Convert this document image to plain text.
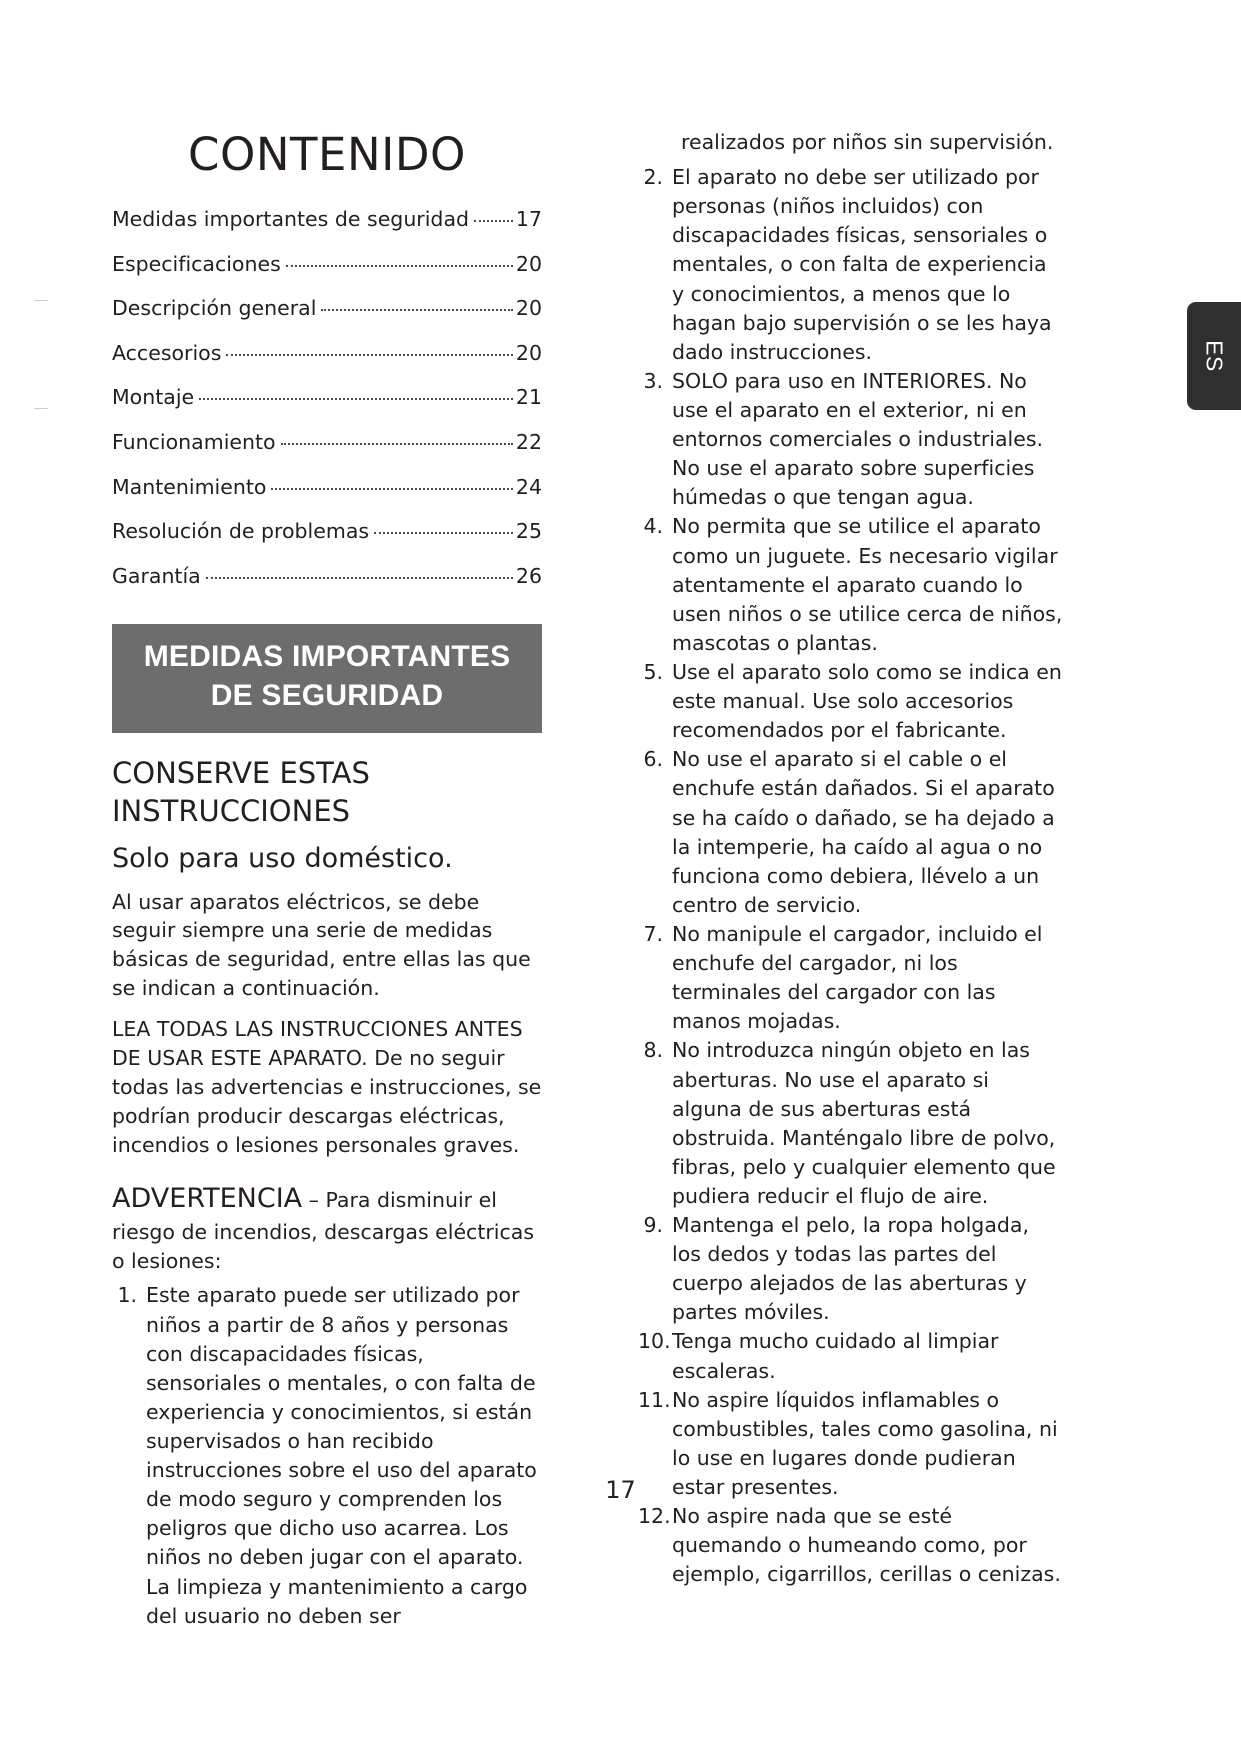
ES
CONTENIDO
Medidas importantes de seguridad 17
Especificaciones	20
Descripción general	20
Accesorios	20
Montaje	21
Funcionamiento	22
Mantenimiento	24
Resolución de problemas	25
Garantía	26
MEDIDAS IMPORTANTES DE SEGURIDAD
CONSERVE ESTAS INSTRUCCIONES
Solo para uso doméstico.

Al usar aparatos eléctricos, se debe seguir siempre una serie de medidas básicas de seguridad, entre ellas las que se indican a continuación.

LEA TODAS LAS INSTRUCCIONES ANTES DE USAR ESTE APARATO. De no seguir todas las advertencias e instrucciones, se podrían producir descargas eléctricas, incendios o lesiones personales graves.

ADVERTENCIA – Para disminuir el riesgo de incendios, descargas eléctricas o lesiones:
1. Este aparato puede ser utilizado por niños a partir de 8 años y personas con discapacidades físicas, sensoriales o mentales, o con falta de experiencia y conocimientos, si están supervisados o han recibido instrucciones sobre el uso del aparato de modo seguro y comprenden los peligros que dicho uso acarrea. Los niños no deben jugar con el aparato. La limpieza y mantenimiento a cargo del usuario no deben ser

realizados por niños sin supervisión.

2. El aparato no debe ser utilizado por personas (niños incluidos) con discapacidades físicas, sensoriales o mentales, o con falta de experiencia y conocimientos, a menos que lo hagan bajo supervisión o se les haya dado instrucciones.
3. SOLO para uso en INTERIORES. No use el aparato en el exterior, ni en entornos comerciales o industriales. No use el aparato sobre superficies húmedas o que tengan agua.
4. No permita que se utilice el aparato como un juguete. Es necesario vigilar atentamente el aparato cuando lo usen niños o se utilice cerca de niños, mascotas o plantas.
5. Use el aparato solo como se indica en este manual. Use solo accesorios recomendados por el fabricante.
6. No use el aparato si el cable o el enchufe están dañados. Si el aparato se ha caído o dañado, se ha dejado a la intemperie, ha caído al agua o no funciona como debiera, llévelo a un centro de servicio.
7. No manipule el cargador, incluido el enchufe del cargador, ni los terminales del cargador con las manos mojadas.
8. No introduzca ningún objeto en las aberturas. No use el aparato si alguna de sus aberturas está obstruida. Manténgalo libre de polvo, fibras, pelo y cualquier elemento que pudiera reducir el flujo de aire.
9. Mantenga el pelo, la ropa holgada, los dedos y todas las partes del cuerpo alejados de las aberturas y partes móviles.
10. Tenga mucho cuidado al limpiar escaleras.
11. No aspire líquidos inflamables o combustibles, tales como gasolina, ni lo use en lugares donde pudieran estar presentes.
12. No aspire nada que se esté quemando o humeando como, por ejemplo, cigarrillos, cerillas o cenizas.
17
